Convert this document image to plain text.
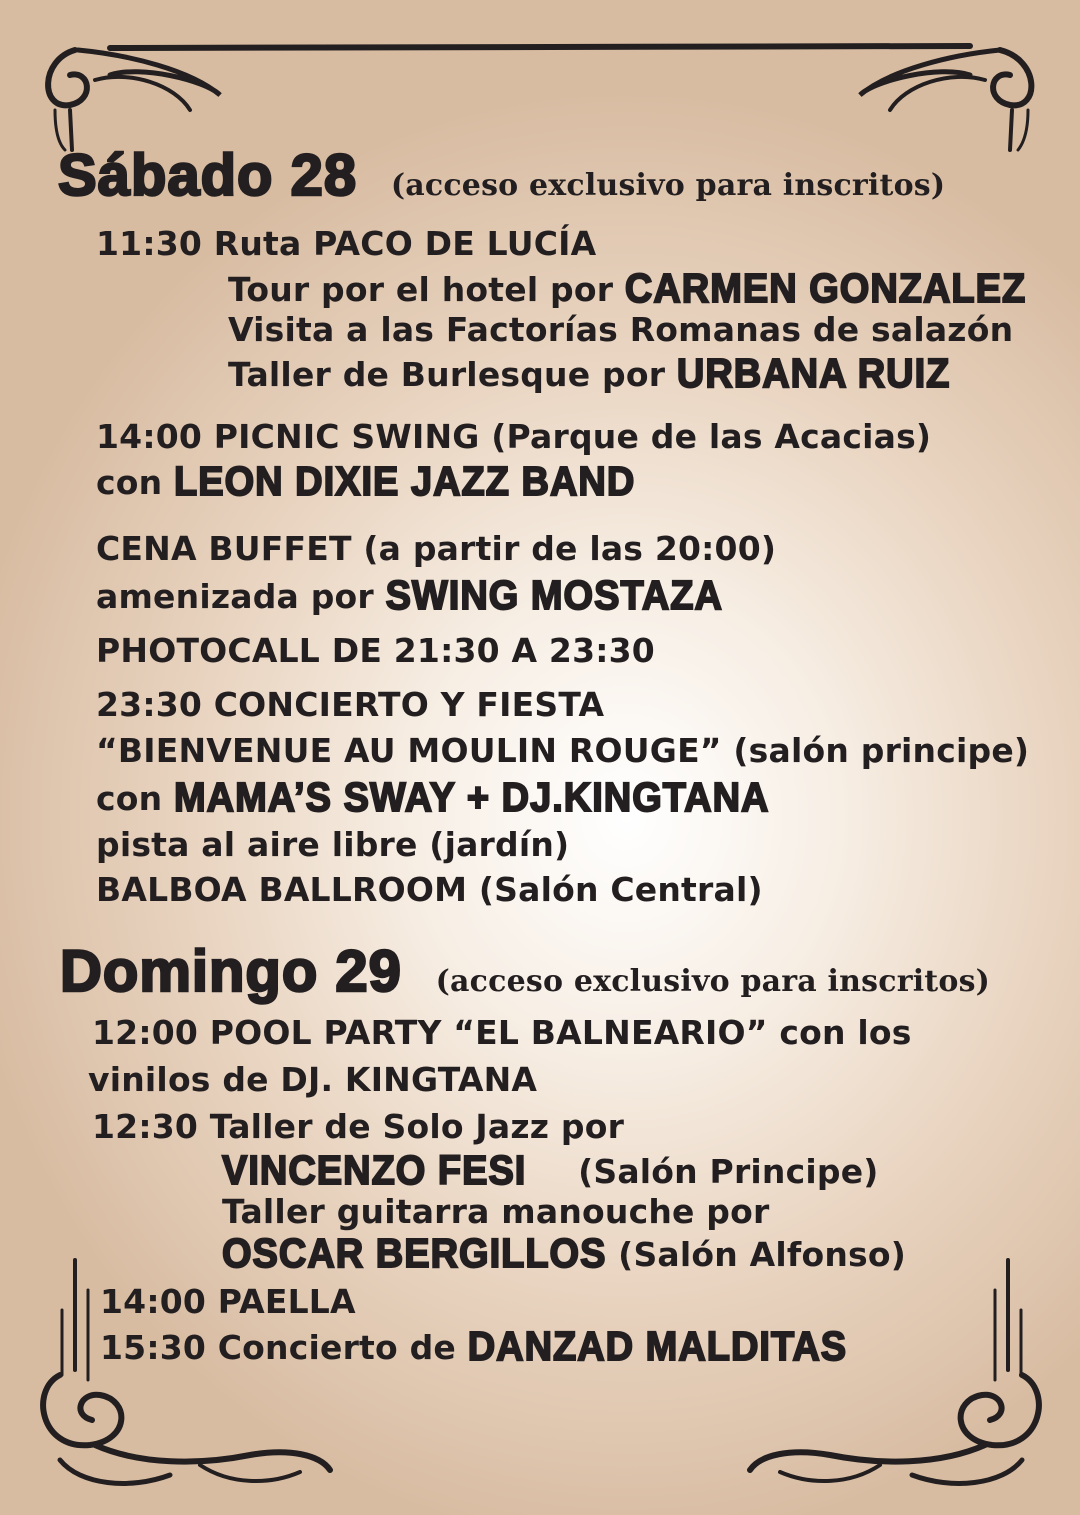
Sábado 28 (acceso exclusivo para inscritos)
11:30 Ruta PACO DE LUCÍA
Tour por el hotel por CARMEN GONZALEZ
Visita a las Factorías Romanas de salazón
Taller de Burlesque por URBANA RUIZ
14:00 PICNIC SWING (Parque de las Acacias)
con LEON DIXIE JAZZ BAND
CENA BUFFET (a partir de las 20:00)
amenizada por SWING MOSTAZA
PHOTOCALL DE 21:30 A 23:30
23:30 CONCIERTO Y FIESTA
“BIENVENUE AU MOULIN ROUGE” (salón principe)
con MAMA’S SWAY + DJ.KINGTANA
pista al aire libre (jardín)
BALBOA BALLROOM (Salón Central)
Domingo 29 (acceso exclusivo para inscritos)
12:00 POOL PARTY “EL BALNEARIO” con los
vinilos de DJ. KINGTANA
12:30 Taller de Solo Jazz por
VINCENZO FESI (Salón Principe)
Taller guitarra manouche por
OSCAR BERGILLOS (Salón Alfonso)
14:00 PAELLA
15:30 Concierto de DANZAD MALDITAS
